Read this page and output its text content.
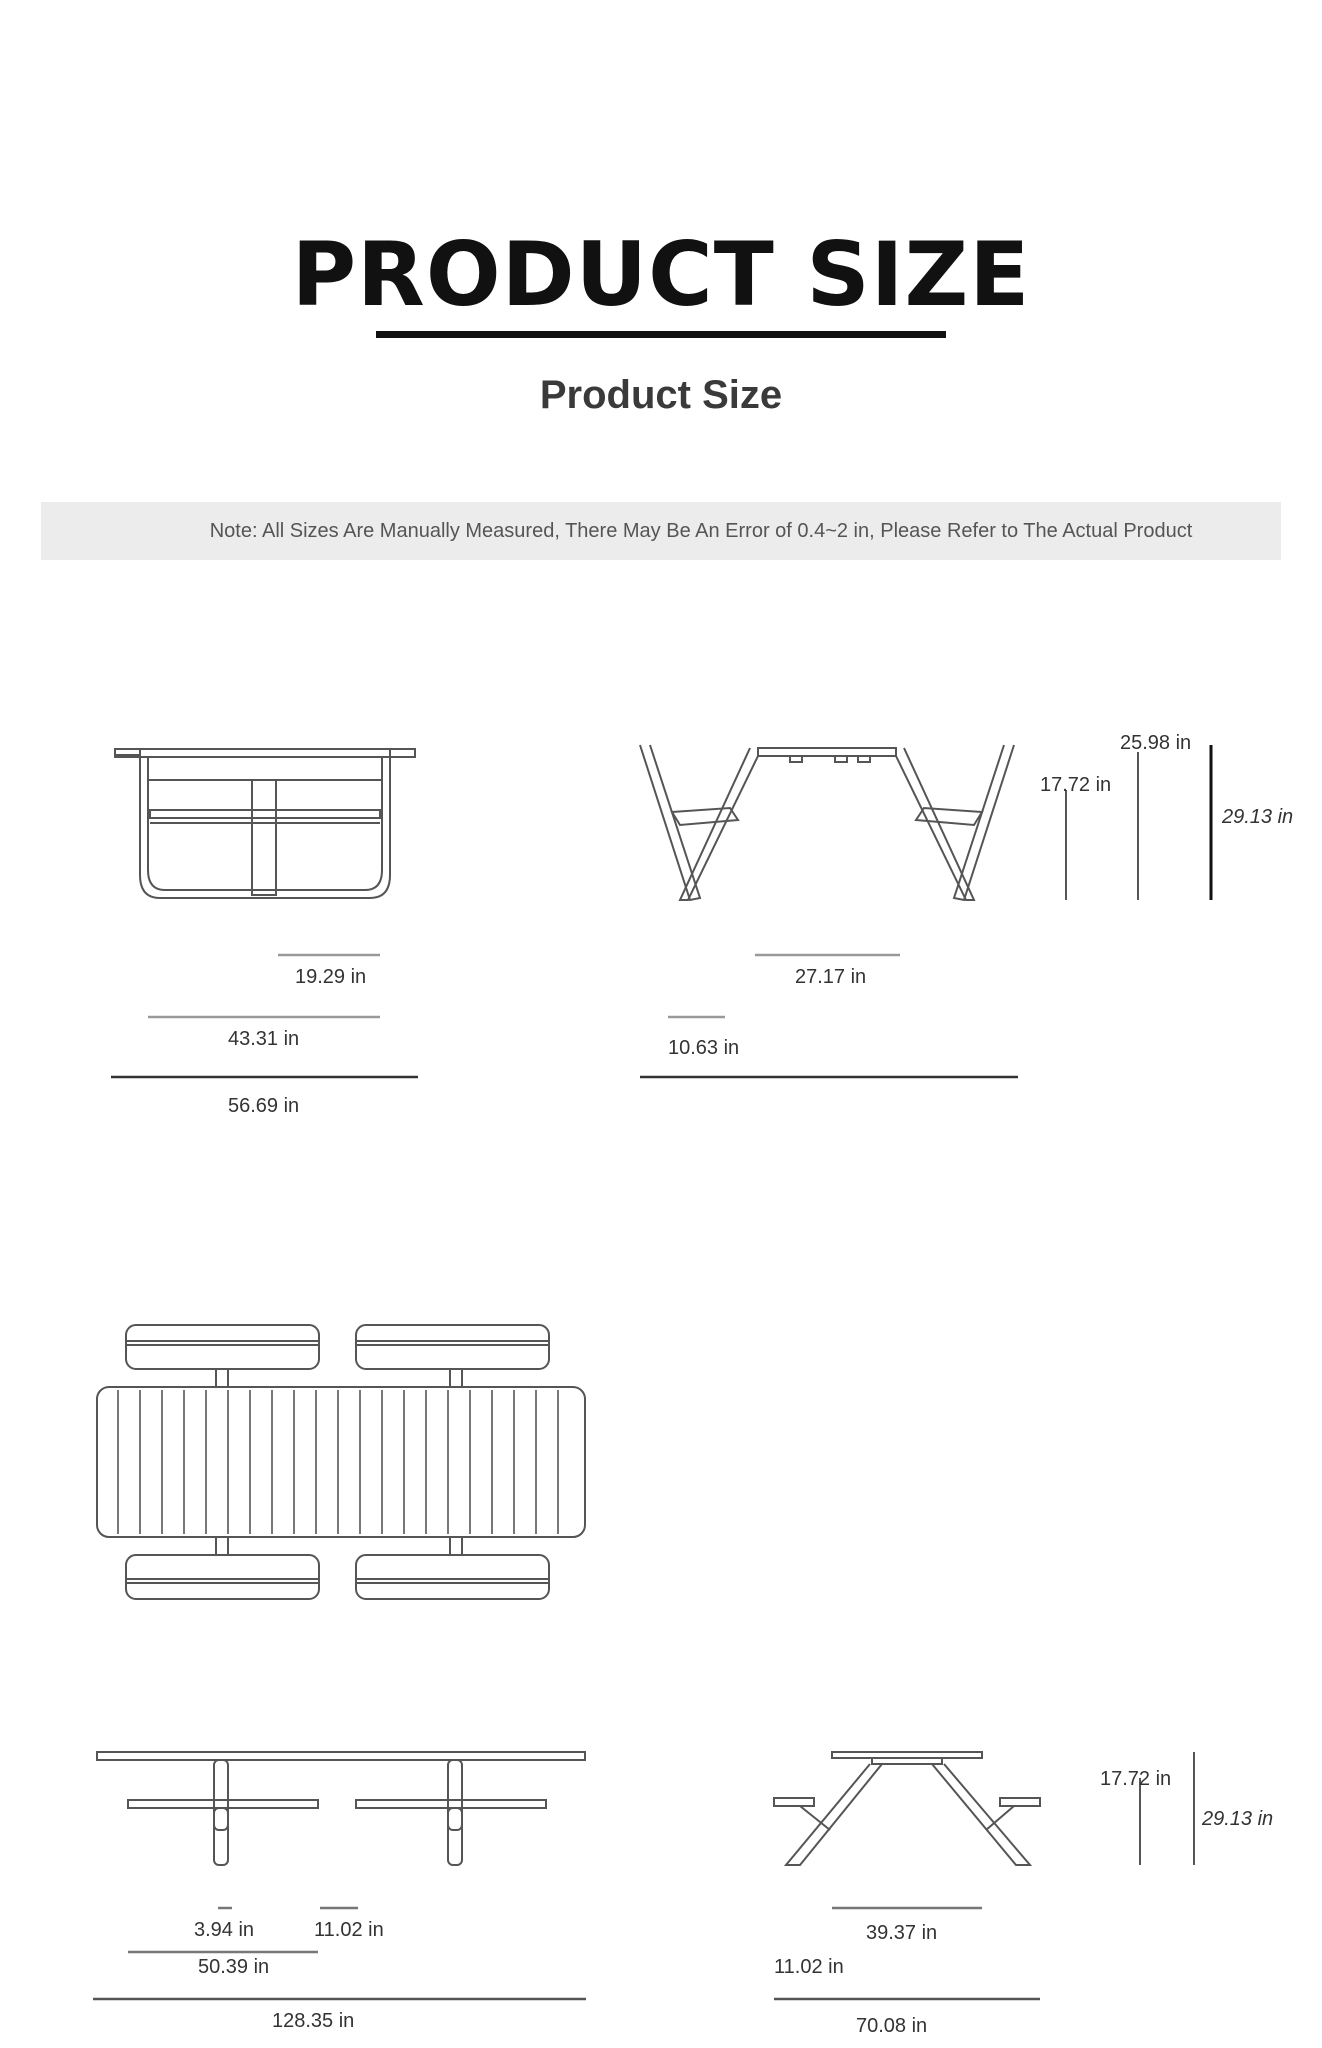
PRODUCT SIZE
Product Size
Note: All Sizes Are Manually Measured, There May Be An Error of 0.4~2 in, Please Refer to The Actual Product
19.29 in
43.31 in
56.69 in
27.17 in
10.63 in
25.98 in
17.72 in
29.13 in
3.94 in	11.02 in
50.39 in
128.35 in
39.37 in
11.02 in
70.08 in
17.72 in
29.13 in
